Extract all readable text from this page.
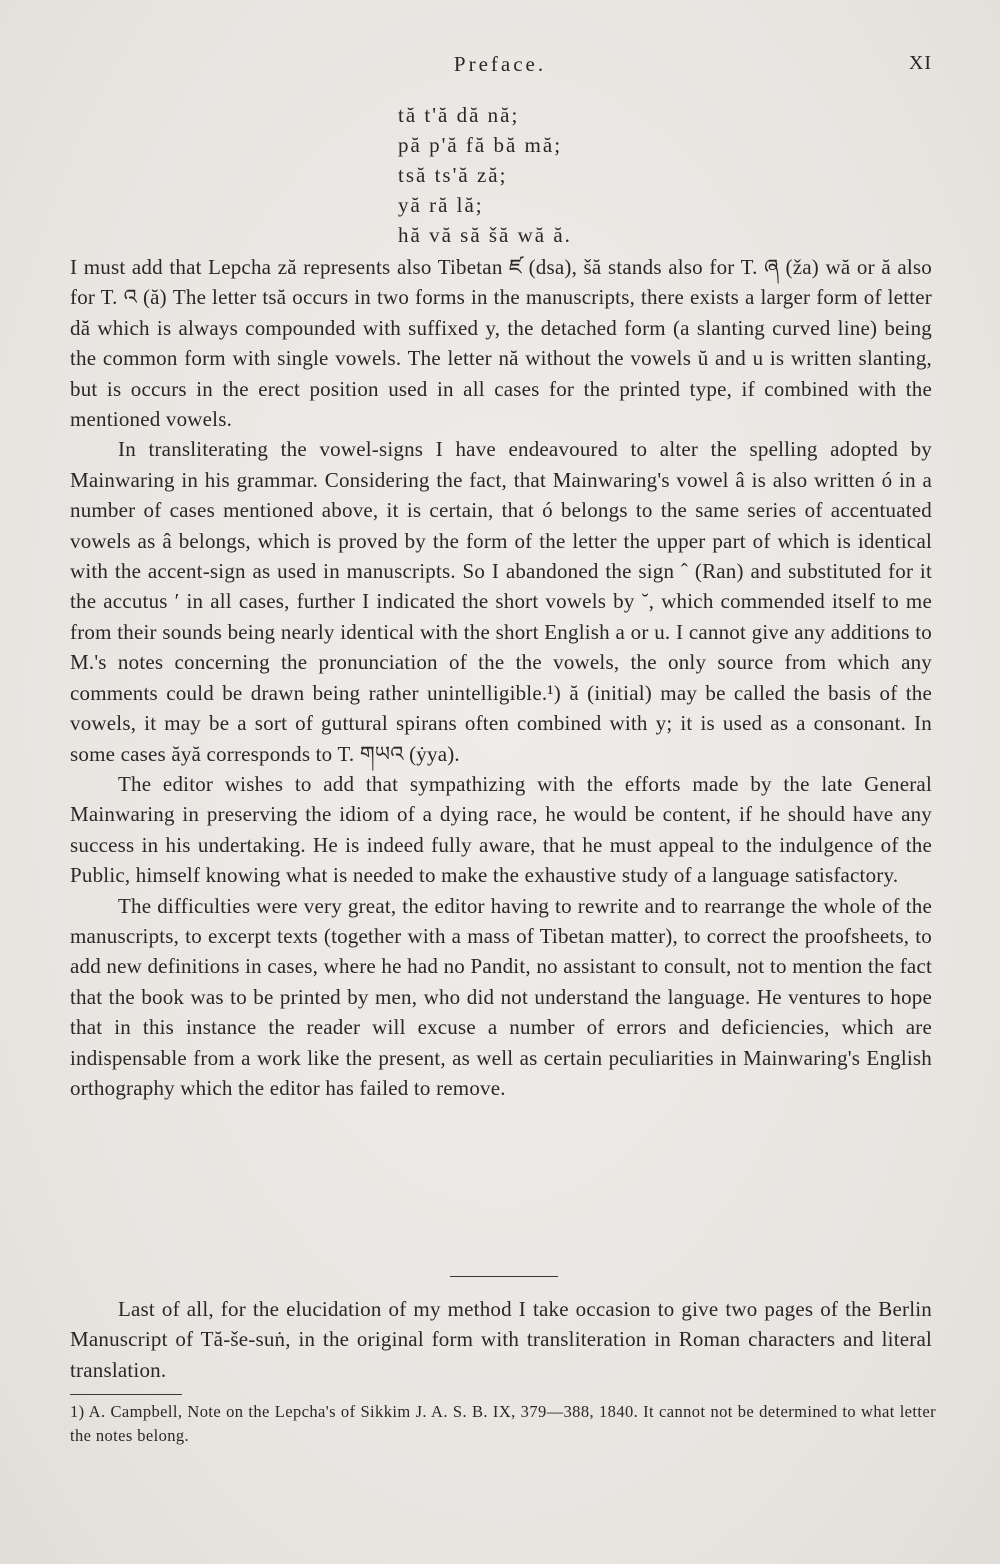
Preface.	XI
tă t'ă dă nă;
pă p'ă fă bă mă;
tsă ts'ă ză;
yă ră lă;
hă vă să šă wă ă.

I must add that Lepcha ză represents also Tibetan ཛ (dsa), šă stands also for T. ཞ (ža) wă or ă also for T. འ (ă) The letter tsă occurs in two forms in the manuscripts, there exists a larger form of letter dă which is always compounded with suffixed y, the detached form (a slanting curved line) being the common form with single vowels. The letter nă without the vowels ŭ and u is written slanting, but is occurs in the erect position used in all cases for the printed type, if combined with the mentioned vowels.

In transliterating the vowel-signs I have endeavoured to alter the spelling adopted by Mainwaring in his grammar. Considering the fact, that Mainwaring's vowel â is also written ó in a number of cases mentioned above, it is certain, that ó belongs to the same series of accentuated vowels as â belongs, which is proved by the form of the letter the upper part of which is identical with the accent-sign as used in manuscripts. So I abandoned the sign ˆ (Ran) and substituted for it the accutus ′ in all cases, further I indicated the short vowels by ˘, which commended itself to me from their sounds being nearly identical with the short English a or u. I cannot give any additions to M.'s notes concerning the pronunciation of the the vowels, the only source from which any comments could be drawn being rather unintelligible.¹) ă (initial) may be called the basis of the vowels, it may be a sort of guttural spirans often combined with y; it is used as a consonant. In some cases ăyă corresponds to T. གཡའ (ẏya).

The editor wishes to add that sympathizing with the efforts made by the late General Mainwaring in preserving the idiom of a dying race, he would be content, if he should have any success in his undertaking. He is indeed fully aware, that he must appeal to the indulgence of the Public, himself knowing what is needed to make the exhaustive study of a language satisfactory.

The difficulties were very great, the editor having to rewrite and to rearrange the whole of the manuscripts, to excerpt texts (together with a mass of Tibetan matter), to correct the proofsheets, to add new definitions in cases, where he had no Pandit, no assistant to consult, not to mention the fact that the book was to be printed by men, who did not understand the language. He ventures to hope that in this instance the reader will excuse a number of errors and deficiencies, which are indispensable from a work like the present, as well as certain peculiarities in Mainwaring's English orthography which the editor has failed to remove.

Last of all, for the elucidation of my method I take occasion to give two pages of the Berlin Manuscript of Tă-še-suṅ, in the original form with transliteration in Roman characters and literal translation.

1) A. Campbell, Note on the Lepcha's of Sikkim J. A. S. B. IX, 379—388, 1840. It cannot not be determined to what letter the notes belong.
